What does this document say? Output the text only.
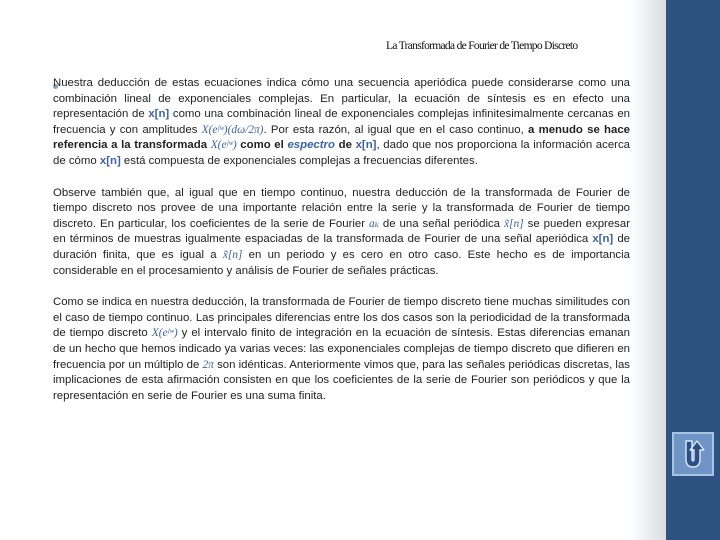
La Transformada de Fourier de Tiempo Discreto

Nuestra deducción de estas ecuaciones indica cómo una secuencia aperiódica puede considerarse como una combinación lineal de exponenciales complejas. En particular, la ecuación de síntesis es en efecto una representación de x[n] como una combinación lineal de exponenciales complejas infinitesimalmente cercanas en frecuencia y con amplitudes X(eʲʷ)(dω/2π). Por esta razón, al igual que en el caso continuo, a menudo se hace referencia a la transformada X(eʲʷ) como el espectro de x[n], dado que nos proporciona la información acerca de cómo x[n] está compuesta de exponenciales complejas a frecuencias diferentes.

Observe también que, al igual que en tiempo continuo, nuestra deducción de la transformada de Fourier de tiempo discreto nos provee de una importante relación entre la serie y la transformada de Fourier de tiempo discreto. En particular, los coeficientes de la serie de Fourier aₖ de una señal periódica x̃[n] se pueden expresar en términos de muestras igualmente espaciadas de la transformada de Fourier de una señal aperiódica x[n] de duración finita, que es igual a x̃[n] en un periodo y es cero en otro caso. Este hecho es de importancia considerable en el procesamiento y análisis de Fourier de señales prácticas.

Como se indica en nuestra deducción, la transformada de Fourier de tiempo discreto tiene muchas similitudes con el caso de tiempo continuo. Las principales diferencias entre los dos casos son la periodicidad de la transformada de tiempo discreto X(eʲʷ) y el intervalo finito de integración en la ecuación de síntesis. Estas diferencias emanan de un hecho que hemos indicado ya varias veces: las exponenciales complejas de tiempo discreto que difieren en frecuencia por un múltiplo de 2π son idénticas. Anteriormente vimos que, para las señales periódicas discretas, las implicaciones de esta afirmación consisten en que los coeficientes de la serie de Fourier son periódicos y que la representación en serie de Fourier es una suma finita.
